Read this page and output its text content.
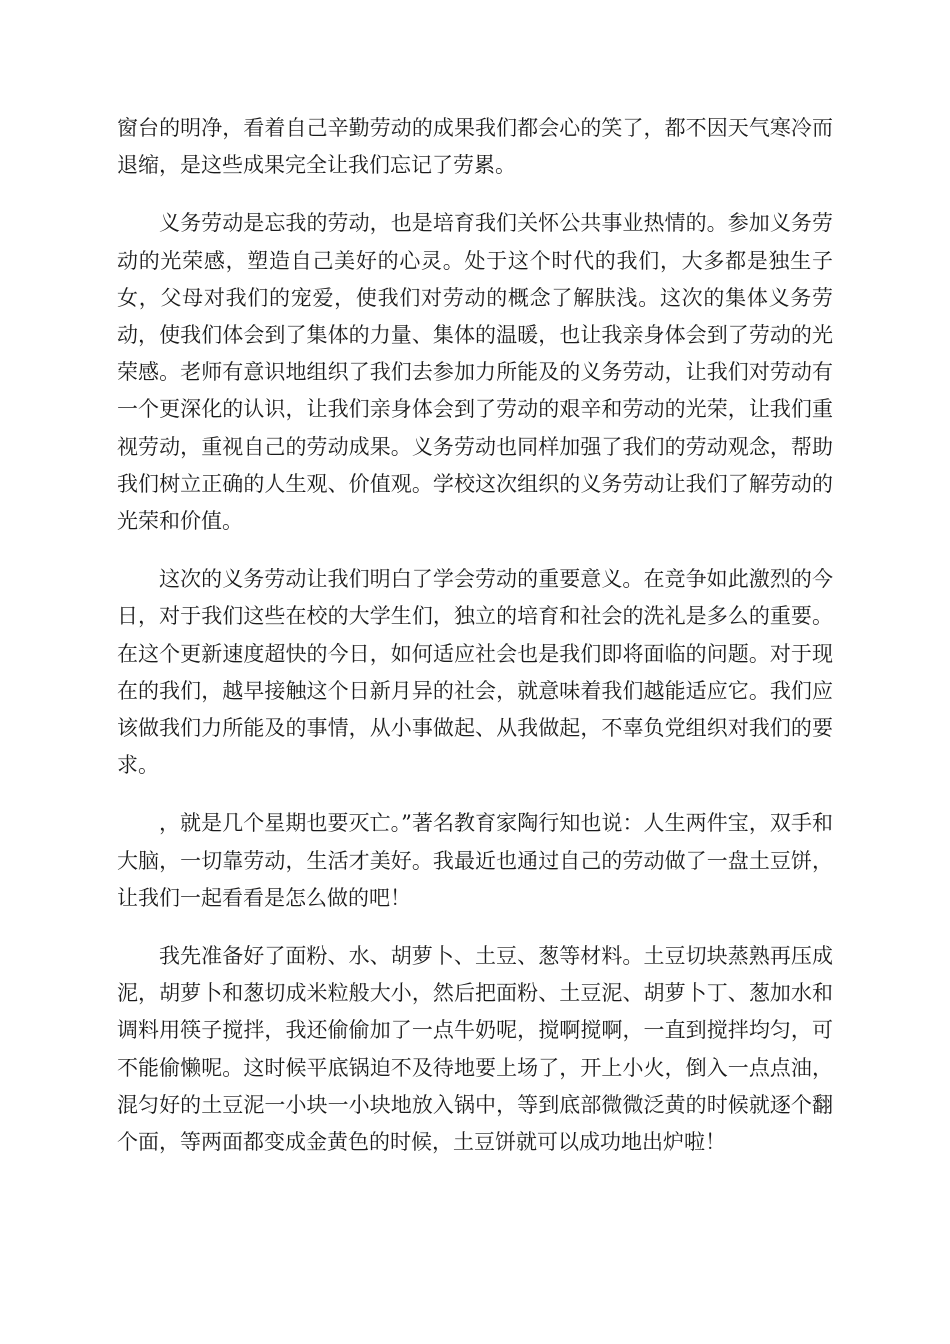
窗台的明净，看着自己辛勤劳动的成果我们都会心的笑了，都不因天气寒冷而退缩，是这些成果完全让我们忘记了劳累。

义务劳动是忘我的劳动，也是培育我们关怀公共事业热情的。参加义务劳动的光荣感，塑造自己美好的心灵。处于这个时代的我们，大多都是独生子女，父母对我们的宠爱，使我们对劳动的概念了解肤浅。这次的集体义务劳动，使我们体会到了集体的力量、集体的温暖，也让我亲身体会到了劳动的光荣感。老师有意识地组织了我们去参加力所能及的义务劳动，让我们对劳动有一个更深化的认识，让我们亲身体会到了劳动的艰辛和劳动的光荣，让我们重视劳动，重视自己的劳动成果。义务劳动也同样加强了我们的劳动观念，帮助我们树立正确的人生观、价值观。学校这次组织的义务劳动让我们了解劳动的光荣和价值。

这次的义务劳动让我们明白了学会劳动的重要意义。在竞争如此激烈的今日，对于我们这些在校的大学生们，独立的培育和社会的洗礼是多么的重要。在这个更新速度超快的今日，如何适应社会也是我们即将面临的问题。对于现在的我们，越早接触这个日新月异的社会，就意味着我们越能适应它。我们应该做我们力所能及的事情，从小事做起、从我做起，不辜负党组织对我们的要求。

，就是几个星期也要灭亡。”著名教育家陶行知也说：人生两件宝，双手和大脑，一切靠劳动，生活才美好。我最近也通过自己的劳动做了一盘土豆饼，让我们一起看看是怎么做的吧！

我先准备好了面粉、水、胡萝卜、土豆、葱等材料。土豆切块蒸熟再压成泥，胡萝卜和葱切成米粒般大小，然后把面粉、土豆泥、胡萝卜丁、葱加水和调料用筷子搅拌，我还偷偷加了一点牛奶呢，搅啊搅啊，一直到搅拌均匀，可不能偷懒呢。这时候平底锅迫不及待地要上场了，开上小火，倒入一点点油，混匀好的土豆泥一小块一小块地放入锅中，等到底部微微泛黄的时候就逐个翻个面，等两面都变成金黄色的时候，土豆饼就可以成功地出炉啦！
